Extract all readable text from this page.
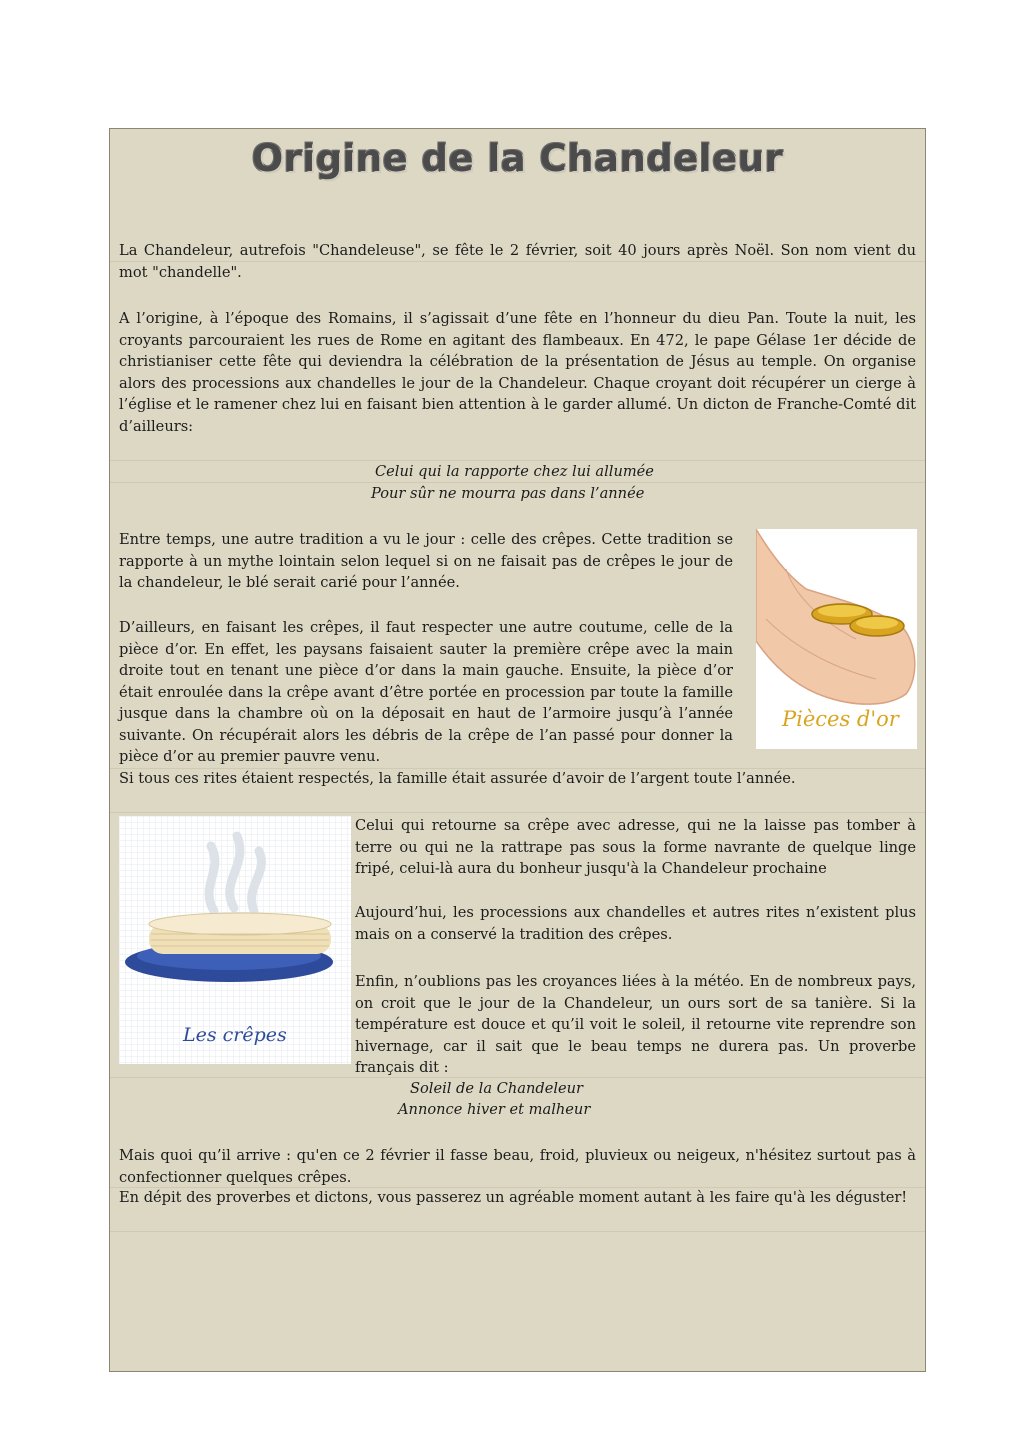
Origine de la Chandeleur

La Chandeleur, autrefois "Chandeleuse", se fête le 2 février, soit 40 jours après Noël. Son nom vient du mot "chandelle".

A l’origine, à l’époque des Romains, il s’agissait d’une fête en l’honneur du dieu Pan. Toute la nuit, les croyants parcouraient les rues de Rome en agitant des flambeaux. En 472, le pape Gélase 1er décide de christianiser cette fête qui deviendra la célébration de la présentation de Jésus au temple. On organise alors des processions aux chandelles le jour de la Chandeleur. Chaque croyant doit récupérer un cierge à l’église et le ramener chez lui en faisant bien attention à le garder allumé. Un dicton de Franche-Comté dit d’ailleurs:

Celui qui la rapporte chez lui allumée

Pour sûr ne mourra pas dans l’année

Entre temps, une autre tradition a vu le jour : celle des crêpes. Cette tradition se rapporte à un mythe lointain selon lequel si on ne faisait pas de crêpes le jour de la chandeleur, le blé serait carié pour l’année.

D’ailleurs, en faisant les crêpes, il faut respecter une autre coutume, celle de la pièce d’or. En effet, les paysans faisaient sauter la première crêpe avec la main droite tout en tenant une pièce d’or dans la main gauche. Ensuite, la pièce d’or était enroulée dans la crêpe avant d’être portée en procession par toute la famille jusque dans la chambre où on la déposait en haut de l’armoire jusqu’à l’année suivante. On récupérait alors les débris de la crêpe de l’an passé pour donner la pièce d’or au premier pauvre venu.

Si tous ces rites étaient respectés, la famille était assurée d’avoir de l’argent toute l’année.

Pièces d'or
Les crêpes

Celui qui retourne sa crêpe avec adresse, qui ne la laisse pas tomber à terre ou qui ne la rattrape pas sous la forme navrante de quelque linge fripé, celui-là aura du bonheur jusqu'à la Chandeleur prochaine

Aujourd’hui, les processions aux chandelles et autres rites n’existent plus mais on a conservé la tradition des crêpes.

Enfin, n’oublions pas les croyances liées à la météo. En de nombreux pays, on croit que le jour de la Chandeleur, un ours sort de sa tanière. Si la température est douce et qu’il voit le soleil, il retourne vite reprendre son hivernage, car il sait que le beau temps ne durera pas. Un proverbe français dit :

Soleil de la Chandeleur

Annonce hiver et malheur

Mais quoi qu’il arrive : qu'en ce 2 février il fasse beau, froid, pluvieux ou neigeux, n'hésitez surtout pas à confectionner quelques crêpes.

En dépit des proverbes et dictons, vous passerez un agréable moment autant à les faire qu'à les déguster!
